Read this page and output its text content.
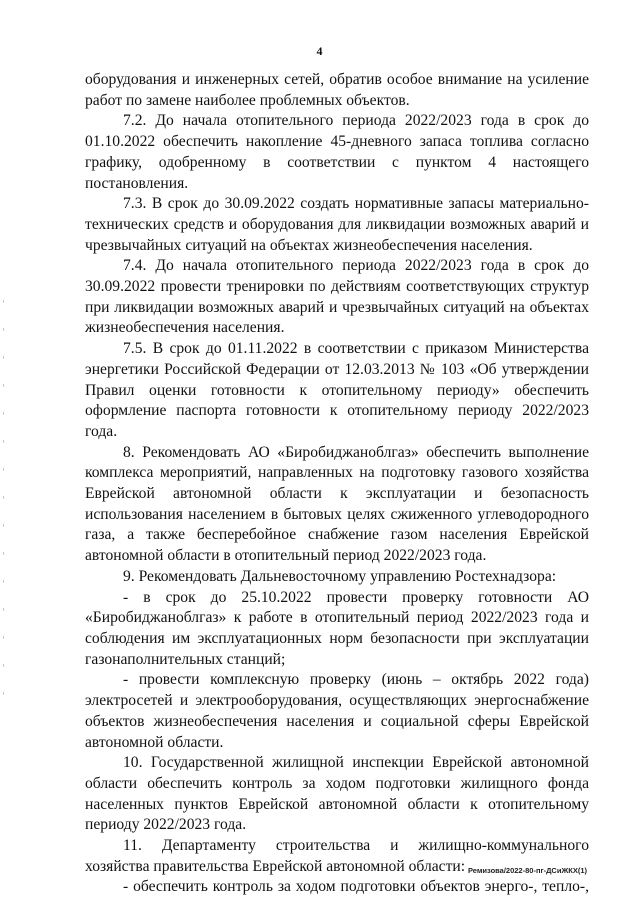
4

оборудования и инженерных сетей, обратив особое внимание на усиление работ по замене наиболее проблемных объектов.

7.2. До начала отопительного периода 2022/2023 года в срок до 01.10.2022 обеспечить накопление 45-дневного запаса топлива согласно графику, одобренному в соответствии с пунктом 4 настоящего постановления.

7.3. В срок до 30.09.2022 создать нормативные запасы материально-технических средств и оборудования для ликвидации возможных аварий и чрезвычайных ситуаций на объектах жизнеобеспечения населения.

7.4. До начала отопительного периода 2022/2023 года в срок до 30.09.2022 провести тренировки по действиям соответствующих структур при ликвидации возможных аварий и чрезвычайных ситуаций на объектах жизнеобеспечения населения.

7.5. В срок до 01.11.2022 в соответствии с приказом Министерства энергетики Российской Федерации от 12.03.2013 № 103 «Об утверждении Правил оценки готовности к отопительному периоду» обеспечить оформление паспорта готовности к отопительному периоду 2022/2023 года.

8. Рекомендовать АО «Биробиджаноблгаз» обеспечить выполнение комплекса мероприятий, направленных на подготовку газового хозяйства Еврейской автономной области к эксплуатации и безопасность использования населением в бытовых целях сжиженного углеводородного газа, а также бесперебойное снабжение газом населения Еврейской автономной области в отопительный период 2022/2023 года.

9. Рекомендовать Дальневосточному управлению Ростехнадзора:

- в срок до 25.10.2022 провести проверку готовности АО «Биробиджаноблгаз» к работе в отопительный период 2022/2023 года и соблюдения им эксплуатационных норм безопасности при эксплуатации газонаполнительных станций;

- провести комплексную проверку (июнь – октябрь 2022 года) электросетей и электрооборудования, осуществляющих энергоснабжение объектов жизнеобеспечения населения и социальной сферы Еврейской автономной области.

10. Государственной жилищной инспекции Еврейской автономной области обеспечить контроль за ходом подготовки жилищного фонда населенных пунктов Еврейской автономной области к отопительному периоду 2022/2023 года.

11. Департаменту строительства и жилищно-коммунального хозяйства правительства Еврейской автономной области:

- обеспечить контроль за ходом подготовки объектов энерго-, тепло-,

Ремизова/2022-80-пг-ДСиЖКХ(1)
